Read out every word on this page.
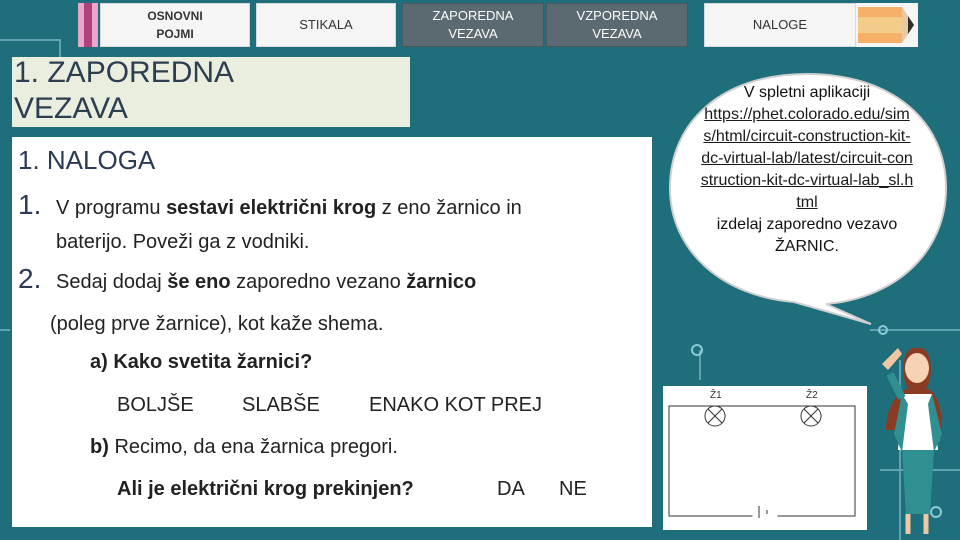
OSNOVNI
POJMI
STIKALA
ZAPOREDNA
VEZAVA
VZPOREDNA
VEZAVA
NALOGE
1. ZAPOREDNA
VEZAVA
1. NALOGA
1. V programu sestavi električni krog z eno žarnico in
baterijo. Poveži ga z vodniki.
2. Sedaj dodaj še eno zaporedno vezano žarnico
(poleg prve žarnice), kot kaže shema.
a) Kako svetita žarnici?
BOLJŠE SLABŠE ENAKO KOT PREJ
b) Recimo, da ena žarnica pregori.
Ali je električni krog prekinjen?	DA NE
V spletni aplikaciji
https://phet.colorado.edu/sims/html/circuit-construction-kit-dc-virtual-lab/latest/circuit-construction-kit-dc-virtual-lab_sl.html
izdelaj zaporedno vezavo ŽARNIC.
Ž1	Ž2
